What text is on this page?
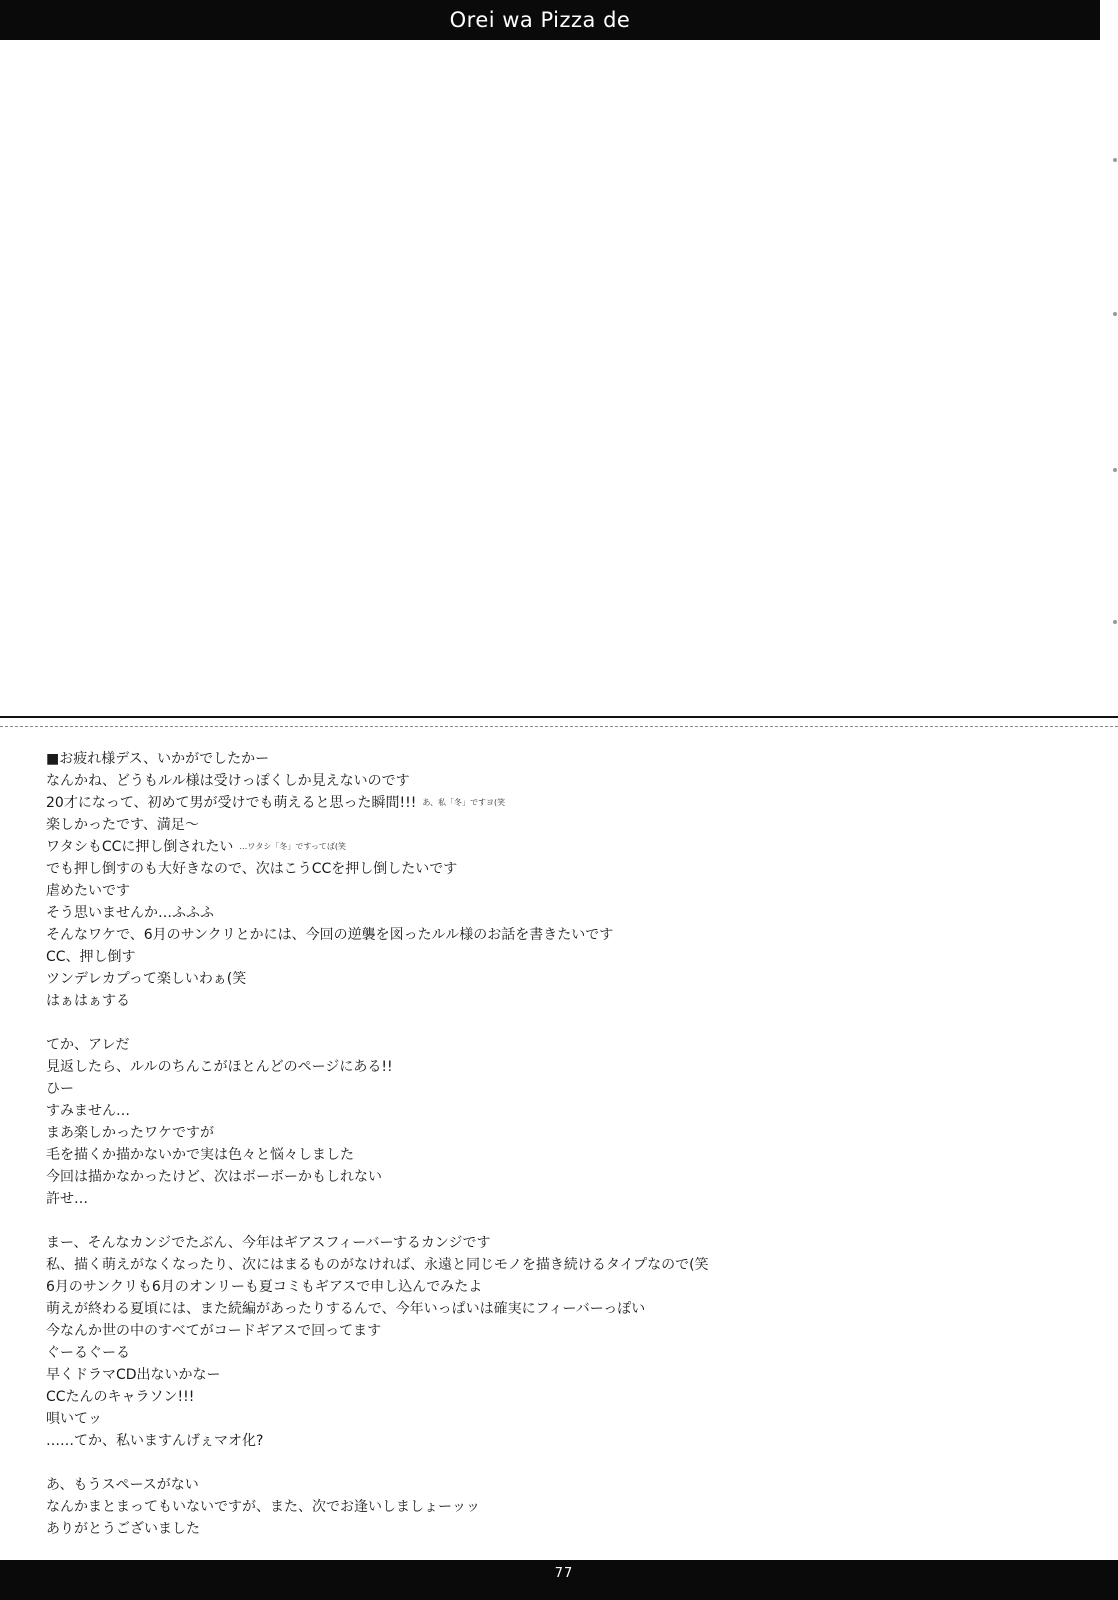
Orei wa Pizza de
■お疲れ様デス、いかがでしたかー
なんかね、どうもルル様は受けっぽくしか見えないのです
20才になって、初めて男が受けでも萌えると思った瞬間!!! あ、私「冬」ですヨ(笑
楽しかったです、満足〜
ワタシもCCに押し倒されたい …ワタシ「冬」ですってば(笑
でも押し倒すのも大好きなので、次はこうCCを押し倒したいです
虐めたいです
そう思いませんか…ふふふ
そんなワケで、6月のサンクリとかには、今回の逆襲を図ったルル様のお話を書きたいです
CC、押し倒す
ツンデレカプって楽しいわぁ(笑
はぁはぁする
てか、アレだ
見返したら、ルルのちんこがほとんどのページにある!!
ひー
すみません…
まあ楽しかったワケですが
毛を描くか描かないかで実は色々と悩々しました
今回は描かなかったけど、次はボーボーかもしれない
許せ…
まー、そんなカンジでたぶん、今年はギアスフィーバーするカンジです
私、描く萌えがなくなったり、次にはまるものがなければ、永遠と同じモノを描き続けるタイプなので(笑
6月のサンクリも6月のオンリーも夏コミもギアスで申し込んでみたよ
萌えが終わる夏頃には、また続編があったりするんで、今年いっぱいは確実にフィーバーっぽい
今なんか世の中のすべてがコードギアスで回ってます
ぐーるぐーる
早くドラマCD出ないかなー
CCたんのキャラソン!!!
唄いてッ
……てか、私いますんげぇマオ化?
あ、もうスペースがない
なんかまとまってもいないですが、また、次でお逢いしましょーッッ
ありがとうございました
77
